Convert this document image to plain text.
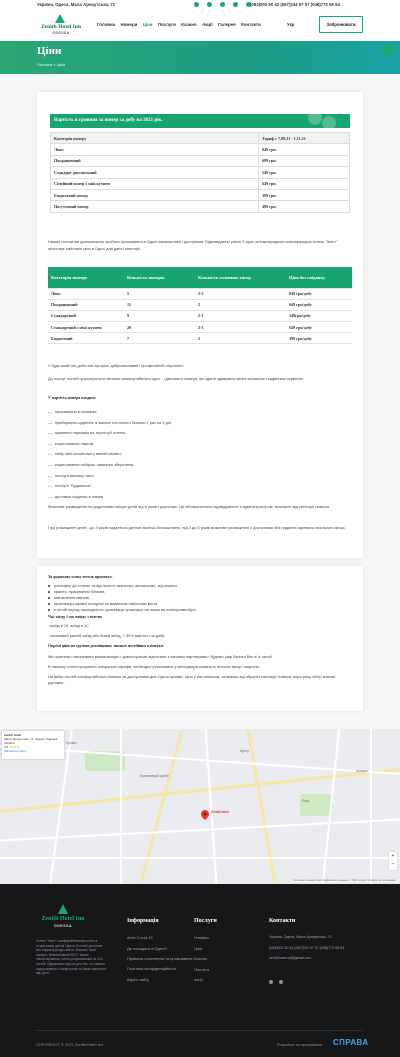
Україна, Одеса, Мала Арнаутська, 71	(093)002 60 42 (067)334 57 57 (048)772 65 54
Zenith Hotel Inn
ODESSA
Головна Номери Ціни Послуги Казино Акції Галерея Контакти	Укр	Забронювати
Ціни
Головна » Ціни
Вартість в гривнях за номер за добу на 2021 рік.
Категорія номеру	Тариф с 7.09.21 - 1.11.21
Люкс	849 грн.
Покращенний	699 грн.
Стандарт двуспальний	549 грн.
Сімейний номер з міні кухнею	649 грн.
Бюджетний номер	399 грн.
Посуточний номер	499 грн.
Наших гостям ми допомагаємо зробити проживання в Одесі комфортним і доступним. Відповідаючи рівню 3 зірок за міжнародною класифікацією готель "Зеніт" пропонує найнижчі ціни в Одесі для даної категорії.
Категорія номеру	Кількість номерів	Кількість головних місць	Ціна без сніданку
Люкс	5	2-3	849 грн/добу
Покращенний	15	2	649 грн/добу
Стандартний	9	2-3	549грн/добу
Стандартний з міні кухнею	20	2-3	649 грн/добу
Бюджетний	7	2	399 грн/добу
У будь-який час доби вас зустріне доброзичливий і професійний персонал.
До послуг гостей пропонуються затишні комфортабельні одно - і двохмісні номери, які здатні здивувати своїм затишком і відмінним сервісом
У вартість номера входить:
— проживання в номерах,
— прибирання щоденне зі зміною постільної білизни 1 раз на 3 дні,
— приватна парковка на території готелю,
— користування ліфтом,
— набір міні-косметики у ванній кімнаті,
— користування сейфом, камерою зберігання,
— послуга виклику таксі,
— послуга "Будильник",
— доставка сніданку в номер.
Можливе розміщення на додаткових місцях дітей від 6 років і дорослих. Це обговорюється індивідуально з адміністратором, залежить від категорії номера.
При розміщенні дітей - до 4 років надається дитяче ліжечко безкоштовно, від 4 до 6 років можливе розміщення з дорослими без надання окремого спального місця.
За додаткову плату готель пропонує:
трансфер до готелю та від нього в аеропорт, автовокзал, ж/д вокзал,
прання, прасування білизни,
замовлення квитків,
організація цікавої екскурсії по видатним пам'яткам міста,
в літній період проводиться організація трансфер на пляжі на електроавтобусі.
Час заїзду і час виїзду з готелю
- виїзд в 15, виїзд в 11;
- можливий ранній заїзд або пізній виїзд, + 30% вартості за добу.
Окремі ціни на групове розміщення, знижки постійним клієнтам.
Ми прагнемо створювати взаємовигідні і довгострокові відносини з нашими партнерами і будемо раді бачити Вас в їх числі!
В нашому готелі працюють спеціальні тарифи, необхідно уточнювати у менеджера наявність вільних місць і вартість.
На вибір гостей комфортабельні номери за доступними для Одеси цінами. Ціни у нас невисокі, залежать від обраної категорії номера, пори року, вітер знання дорожче.
Zenith hotel
Мала Арнаутська, 71, Одеса, Одеська область
3.9 ★★★★
Збільшити карту
Zenith hotel
Привоз
Краєзнавчий музей
Парк
Центр
Аркадія
+
−
Сочетания клавиш Картографические данные © 2021 Google Условия использования
Zenith Hotel Inn
ODESSA
Готель "Зеніт" комфортабельний готель в історичному центрі Одеси. В готелі доступна вся інфраструктура міста. Затишні, чисті номери, безкоштовний Wi-Fi, якісне обслуговування, готель розрахований на 120 гостей. Однакового зручна для тих, хто звикли подорожувати з комфортом та бажає відпочити від суєти.
Інформація
Акти Covid-19
Де посидати в Одесі?
Правила поселення та проживання
Політика конфіденційності
Карта сайту
Послуги
Номери
Ціни
Казино
Послуги
Акції
Контакти
Україна, Одеса, Мала Арнаутська, 71
(093)002 60 42,(067)334 57 57,(048)772 65 54
zenithhotel.od@gmail.com
COPYRIGHT © 2021 Zenith Hotel Inn	Розробка та просування СПРАВА
